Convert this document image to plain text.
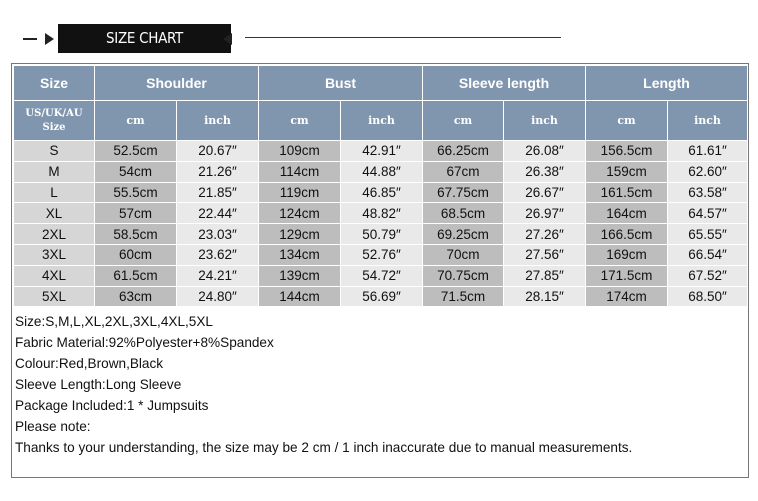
SIZE CHART
Size	Shoulder		Bust		Sleeve length		Length	
US/UK/AU Size	cm	inch	cm	inch	cm	inch	cm	inch
S	52.5cm	20.67″	109cm	42.91″	66.25cm	26.08″	156.5cm	61.61″
M	54cm	21.26″	114cm	44.88″	67cm	26.38″	159cm	62.60″
L	55.5cm	21.85″	119cm	46.85″	67.75cm	26.67″	161.5cm	63.58″
XL	57cm	22.44″	124cm	48.82″	68.5cm	26.97″	164cm	64.57″
2XL	58.5cm	23.03″	129cm	50.79″	69.25cm	27.26″	166.5cm	65.55″
3XL	60cm	23.62″	134cm	52.76″	70cm	27.56″	169cm	66.54″
4XL	61.5cm	24.21″	139cm	54.72″	70.75cm	27.85″	171.5cm	67.52″
5XL	63cm	24.80″	144cm	56.69″	71.5cm	28.15″	174cm	68.50″
Size:S,M,L,XL,2XL,3XL,4XL,5XL
Fabric Material:92%Polyester+8%Spandex
Colour:Red,Brown,Black
Sleeve Length:Long Sleeve
Package Included:1 * Jumpsuits
Please note:
Thanks to your understanding, the size may be 2 cm / 1 inch inaccurate due to manual measurements.
